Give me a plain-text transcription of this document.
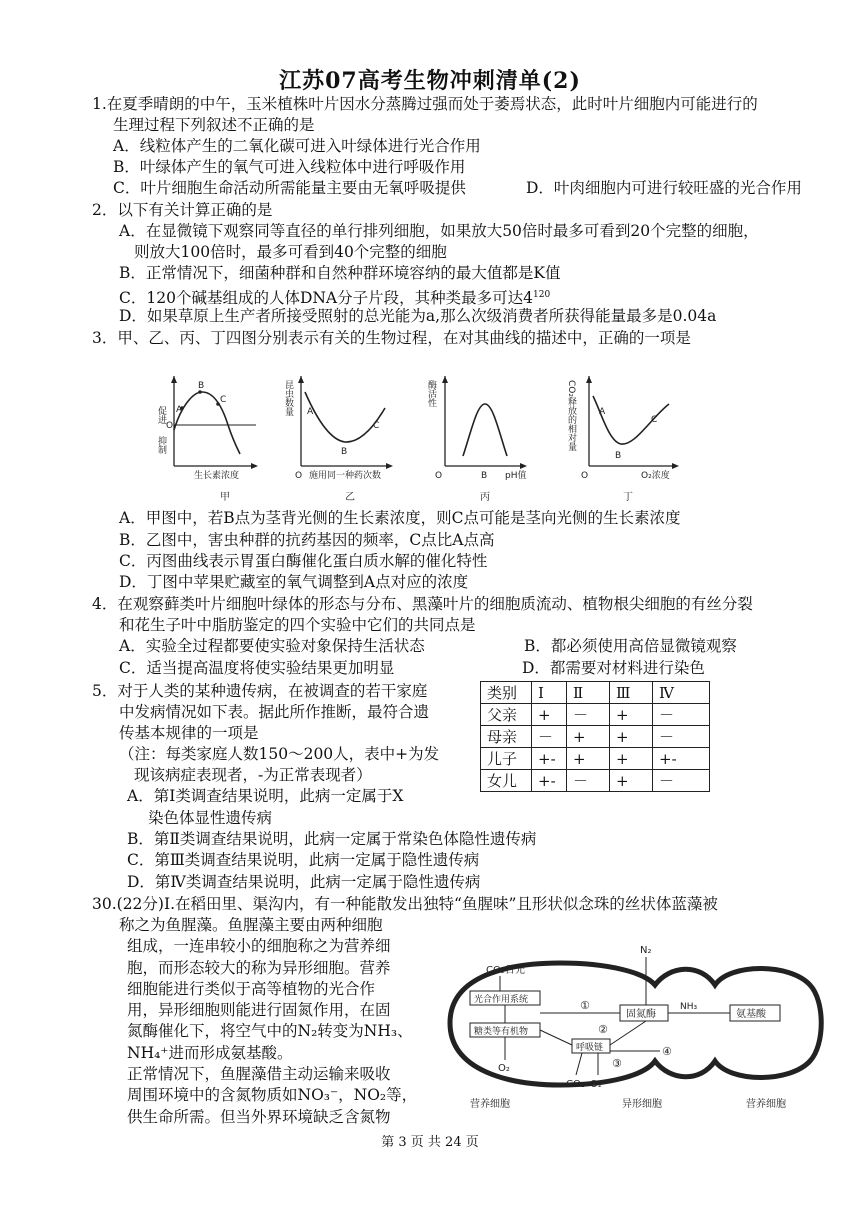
江苏07高考生物冲刺清单(2)
1.在夏季晴朗的中午，玉米植株叶片因水分蒸腾过强而处于萎焉状态，此时叶片细胞内可能进行的
生理过程下列叙述不正确的是
A．线粒体产生的二氧化碳可进入叶绿体进行光合作用
B．叶绿体产生的氧气可进入线粒体中进行呼吸作用
C．叶片细胞生命活动所需能量主要由无氧呼吸提供	D．叶肉细胞内可进行较旺盛的光合作用
2．以下有关计算正确的是
A．在显微镜下观察同等直径的单行排列细胞，如果放大50倍时最多可看到20个完整的细胞，
则放大100倍时，最多可看到40个完整的细胞
B．正常情况下，细菌种群和自然种群环境容纳的最大值都是K值
C．120个碱基组成的人体DNA分子片段，其种类最多可达$4^{120}$
D．如果草原上生产者所接受照射的总光能为a,那么次级消费者所获得能量最多是0.04a
3．甲、乙、丙、丁四图分别表示有关的生物过程，在对其曲线的描述中，正确的一项是
促进
抑制
O
A
B
C
生长素浓度
甲
昆虫数量 A
B
C
O 施用同一种药次数
乙
酶活性
O	B pH值
丙
CO₂释放的相对量	A
B
C
O	O₂浓度
丁
A．甲图中，若B点为茎背光侧的生长素浓度，则C点可能是茎向光侧的生长素浓度
B．乙图中，害虫种群的抗药基因的频率，C点比A点高
C．丙图曲线表示胃蛋白酶催化蛋白质水解的催化特性
D．丁图中苹果贮藏室的氧气调整到A点对应的浓度
4．在观察藓类叶片细胞叶绿体的形态与分布、黑藻叶片的细胞质流动、植物根尖细胞的有丝分裂
和花生子叶中脂肪鉴定的四个实验中它们的共同点是
A．实验全过程都要使实验对象保持生活状态	B．都必须使用高倍显微镜观察
C．适当提高温度将使实验结果更加明显	D．都需要对材料进行染色
5．对于人类的某种遗传病，在被调查的若干家庭
中发病情况如下表。据此所作推断，最符合遗
传基本规律的一项是
（注：每类家庭人数150～200人，表中+为发
现该病症表现者，-为正常表现者）
A．第Ⅰ类调查结果说明，此病一定属于X
染色体显性遗传病
B．第Ⅱ类调查结果说明，此病一定属于常染色体隐性遗传病
C．第Ⅲ类调查结果说明，此病一定属于隐性遗传病
D．第Ⅳ类调查结果说明，此病一定属于隐性遗传病
类别	Ⅰ	Ⅱ	Ⅲ	Ⅳ
父亲	+	－	+	－
母亲	－	+	+	－
儿子	+-	+	+	+-
女儿	+-	－	+	－
30.(22分)Ⅰ.在稻田里、渠沟内，有一种能散发出独特“鱼腥味”且形状似念珠的丝状体蓝藻被
称之为鱼腥藻。鱼腥藻主要由两种细胞
组成，一连串较小的细胞称之为营养细
胞，而形态较大的称为异形细胞。营养
细胞能进行类似于高等植物的光合作
用，异形细胞则能进行固氮作用，在固
氮酶催化下，将空气中的N₂转变为NH₃、
NH₄⁺进而形成氨基酸。
正常情况下，鱼腥藻借主动运输来吸收
周围环境中的含氮物质如NO₃⁻，NO₂等，
供生命所需。但当外界环境缺乏含氮物
CO₂日光
光合作用系统
糖类等有机物
N₂
固氮酶
①	NH₃
氨基酸
②
呼吸链	④
③
CO₂ O₂
O₂
营养细胞	异形细胞	营养细胞
第 3 页 共 24 页
